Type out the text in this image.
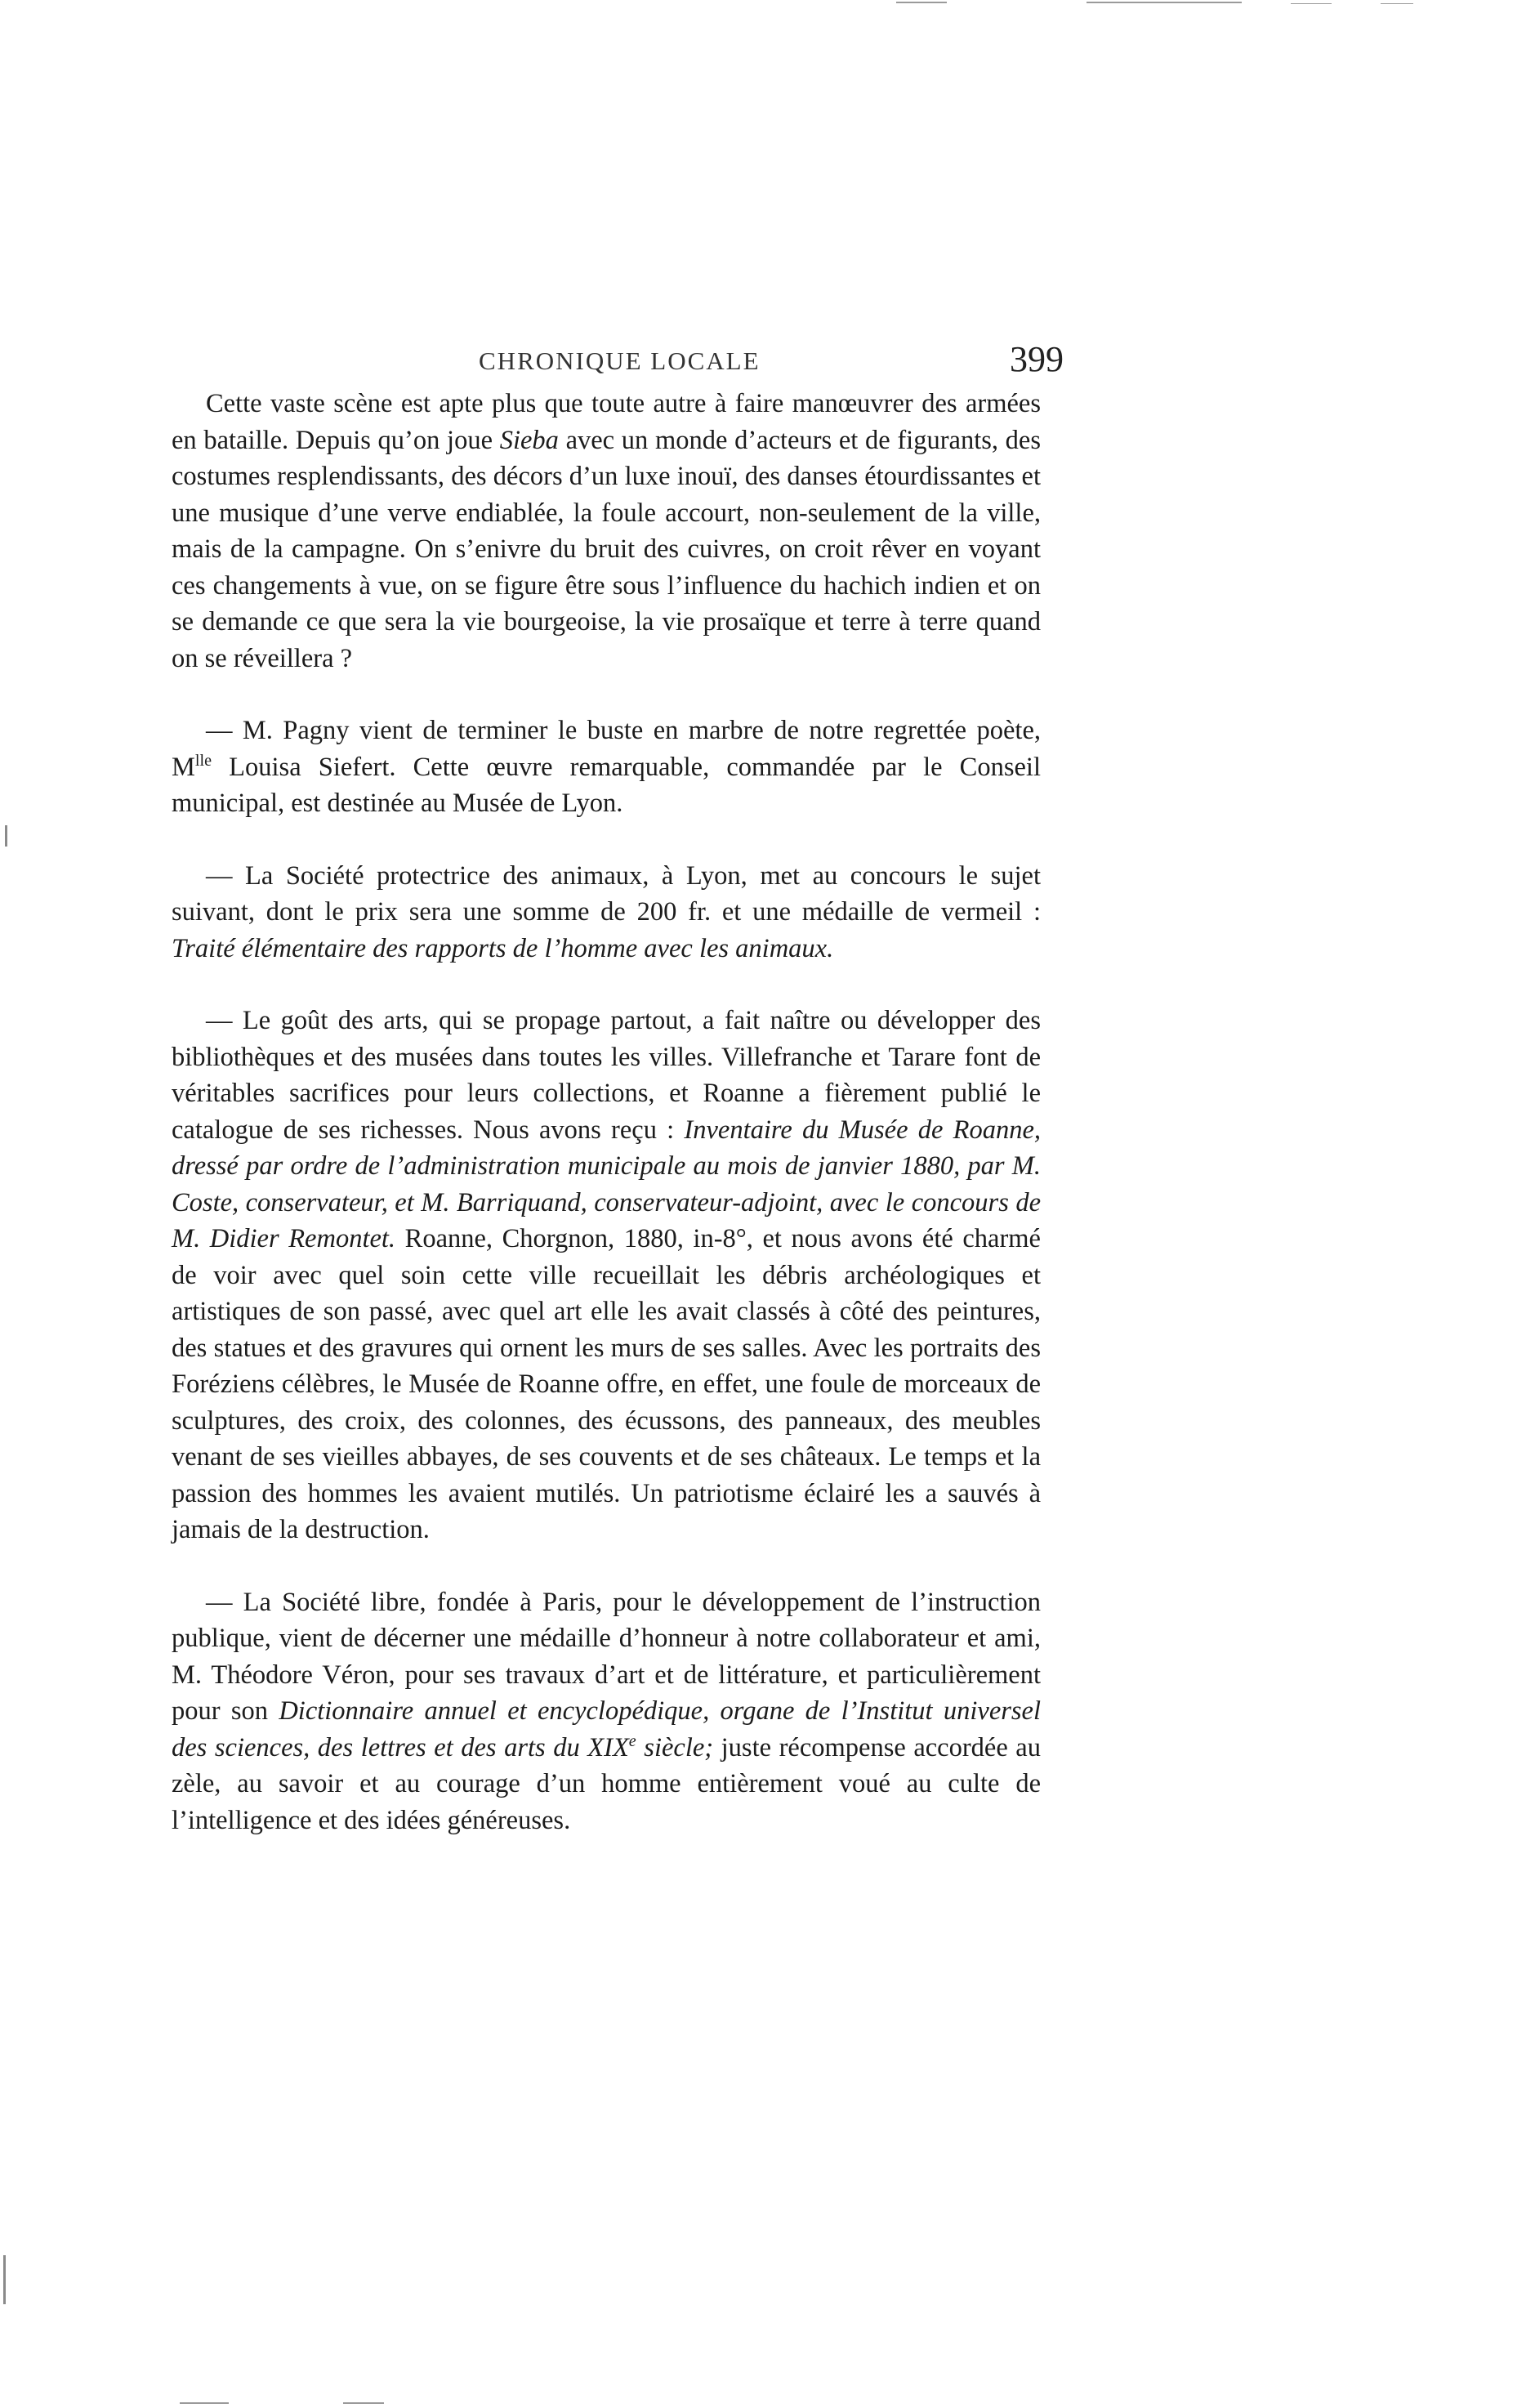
CHRONIQUE LOCALE	399

Cette vaste scène est apte plus que toute autre à faire manœuvrer des armées en bataille. Depuis qu’on joue Sieba avec un monde d’acteurs et de figurants, des costumes resplendissants, des décors d’un luxe inouï, des danses étourdissantes et une musique d’une verve endiablée, la foule accourt, non-seulement de la ville, mais de la campagne. On s’enivre du bruit des cuivres, on croit rêver en voyant ces changements à vue, on se figure être sous l’influence du hachich indien et on se demande ce que sera la vie bourgeoise, la vie prosaïque et terre à terre quand on se réveillera ?

— M. Pagny vient de terminer le buste en marbre de notre regrettée poète, $M^{lle}$ Louisa Siefert. Cette œuvre remarquable, commandée par le Conseil municipal, est destinée au Musée de Lyon.

— La Société protectrice des animaux, à Lyon, met au concours le sujet suivant, dont le prix sera une somme de 200 fr. et une médaille de vermeil : Traité élémentaire des rapports de l’homme avec les animaux.

— Le goût des arts, qui se propage partout, a fait naître ou développer des bibliothèques et des musées dans toutes les villes. Villefranche et Tarare font de véritables sacrifices pour leurs collections, et Roanne a fièrement publié le catalogue de ses richesses. Nous avons reçu : Inventaire du Musée de Roanne, dressé par ordre de l’administration municipale au mois de janvier 1880, par M. Coste, conservateur, et M. Barriquand, conservateur-adjoint, avec le concours de M. Didier Remontet. Roanne, Chorgnon, 1880, in-8°, et nous avons été charmé de voir avec quel soin cette ville recueillait les débris archéologiques et artistiques de son passé, avec quel art elle les avait classés à côté des peintures, des statues et des gravures qui ornent les murs de ses salles. Avec les portraits des Foréziens célèbres, le Musée de Roanne offre, en effet, une foule de morceaux de sculptures, des croix, des colonnes, des écussons, des panneaux, des meubles venant de ses vieilles abbayes, de ses couvents et de ses châteaux. Le temps et la passion des hommes les avaient mutilés. Un patriotisme éclairé les a sauvés à jamais de la destruction.

— La Société libre, fondée à Paris, pour le développement de l’instruction publique, vient de décerner une médaille d’honneur à notre collaborateur et ami, M. Théodore Véron, pour ses travaux d’art et de littérature, et particulièrement pour son Dictionnaire annuel et encyclopédique, organe de l’Institut universel des sciences, des lettres et des arts du XIXe siècle; juste récompense accordée au zèle, au savoir et au courage d’un homme entièrement voué au culte de l’intelligence et des idées généreuses.
